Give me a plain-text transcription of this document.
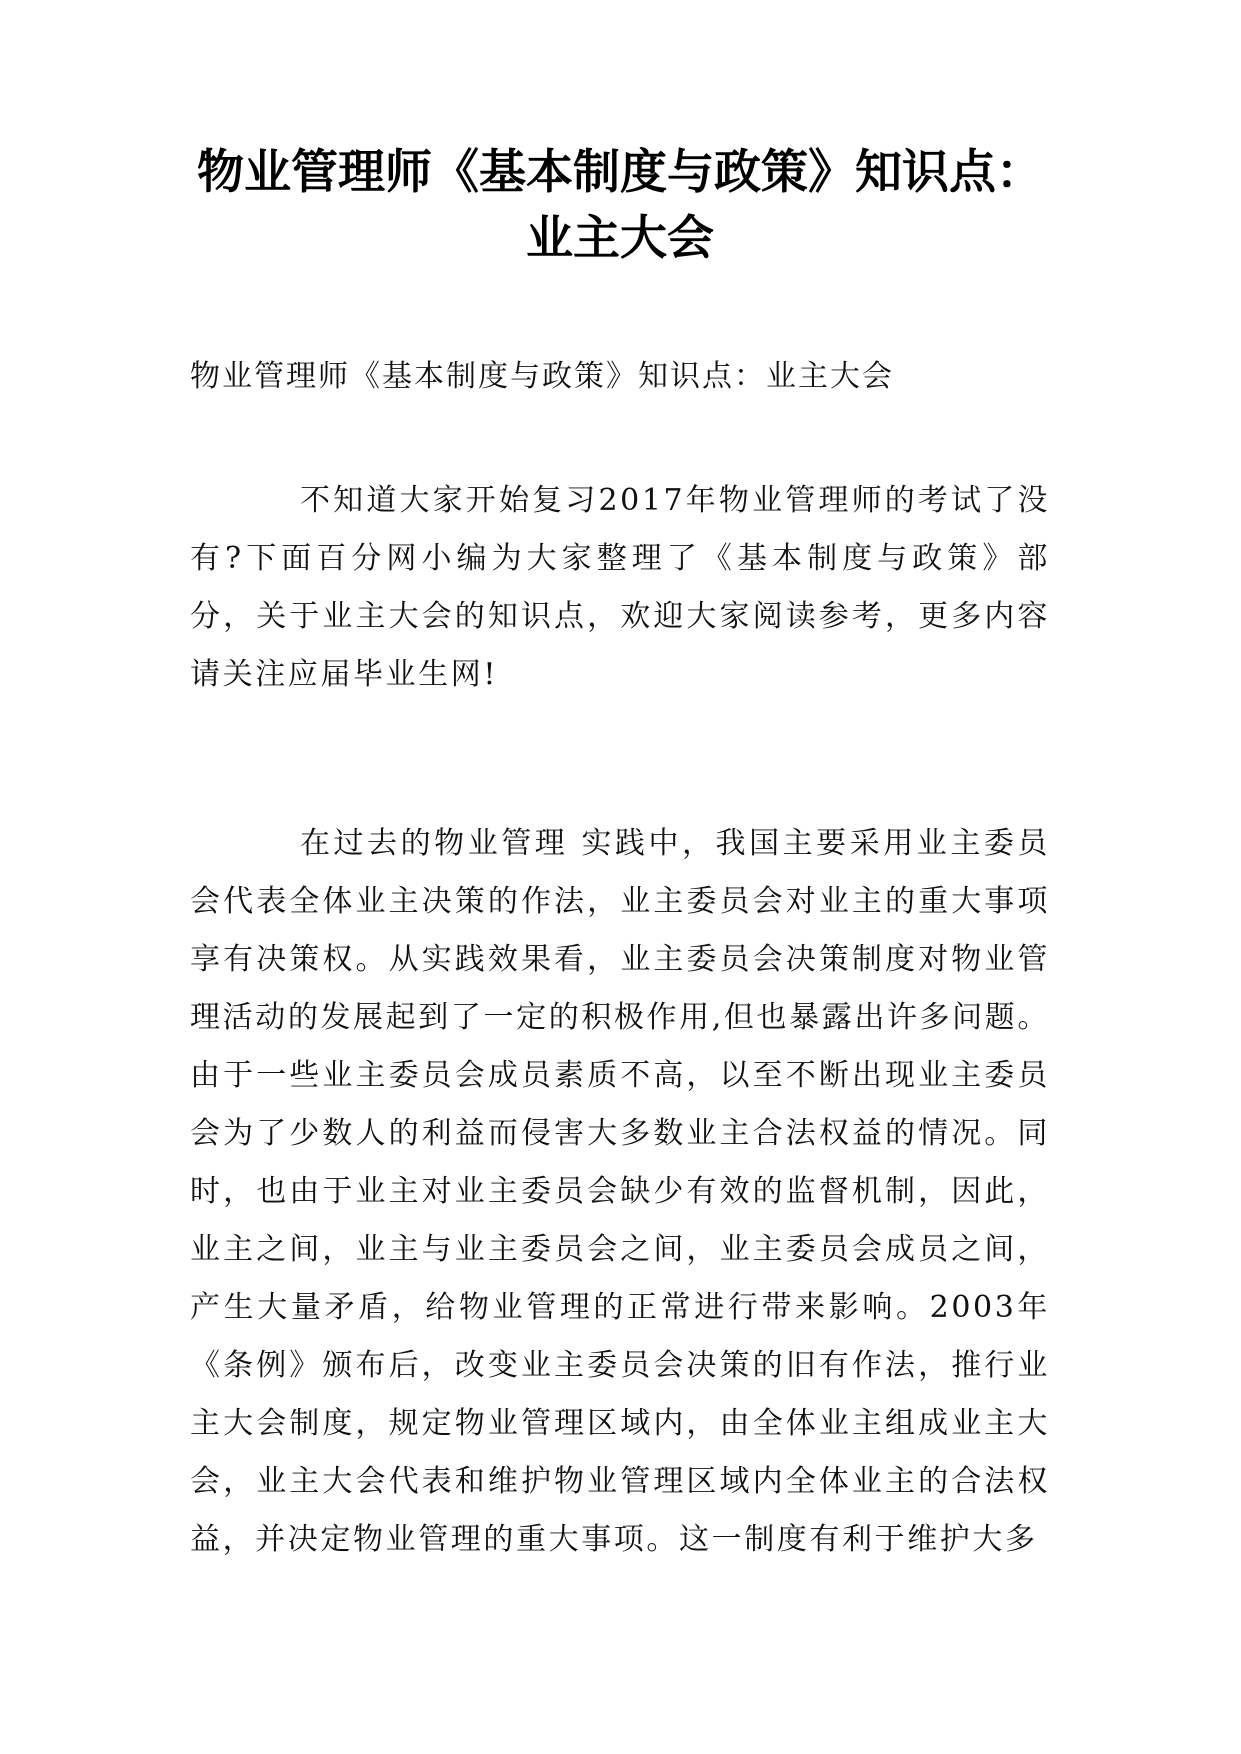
物业管理师《基本制度与政策》知识点：业主大会

物业管理师《基本制度与政策》知识点：业主大会

不知道大家开始复习2017年物业管理师的考试了没有?下面百分网小编为大家整理了《基本制度与政策》部分，关于业主大会的知识点，欢迎大家阅读参考，更多内容请关注应届毕业生网!

在过去的物业管理 实践中，我国主要采用业主委员会代表全体业主决策的作法，业主委员会对业主的重大事项享有决策权。从实践效果看，业主委员会决策制度对物业管理活动的发展起到了一定的积极作用,但也暴露出许多问题。由于一些业主委员会成员素质不高，以至不断出现业主委员会为了少数人的利益而侵害大多数业主合法权益的情况。同时，也由于业主对业主委员会缺少有效的监督机制，因此，业主之间，业主与业主委员会之间，业主委员会成员之间，产生大量矛盾，给物业管理的正常进行带来影响。2003年《条例》颁布后，改变业主委员会决策的旧有作法，推行业主大会制度，规定物业管理区域内，由全体业主组成业主大会，业主大会代表和维护物业管理区域内全体业主的合法权益，并决定物业管理的重大事项。这一制度有利于维护大多
